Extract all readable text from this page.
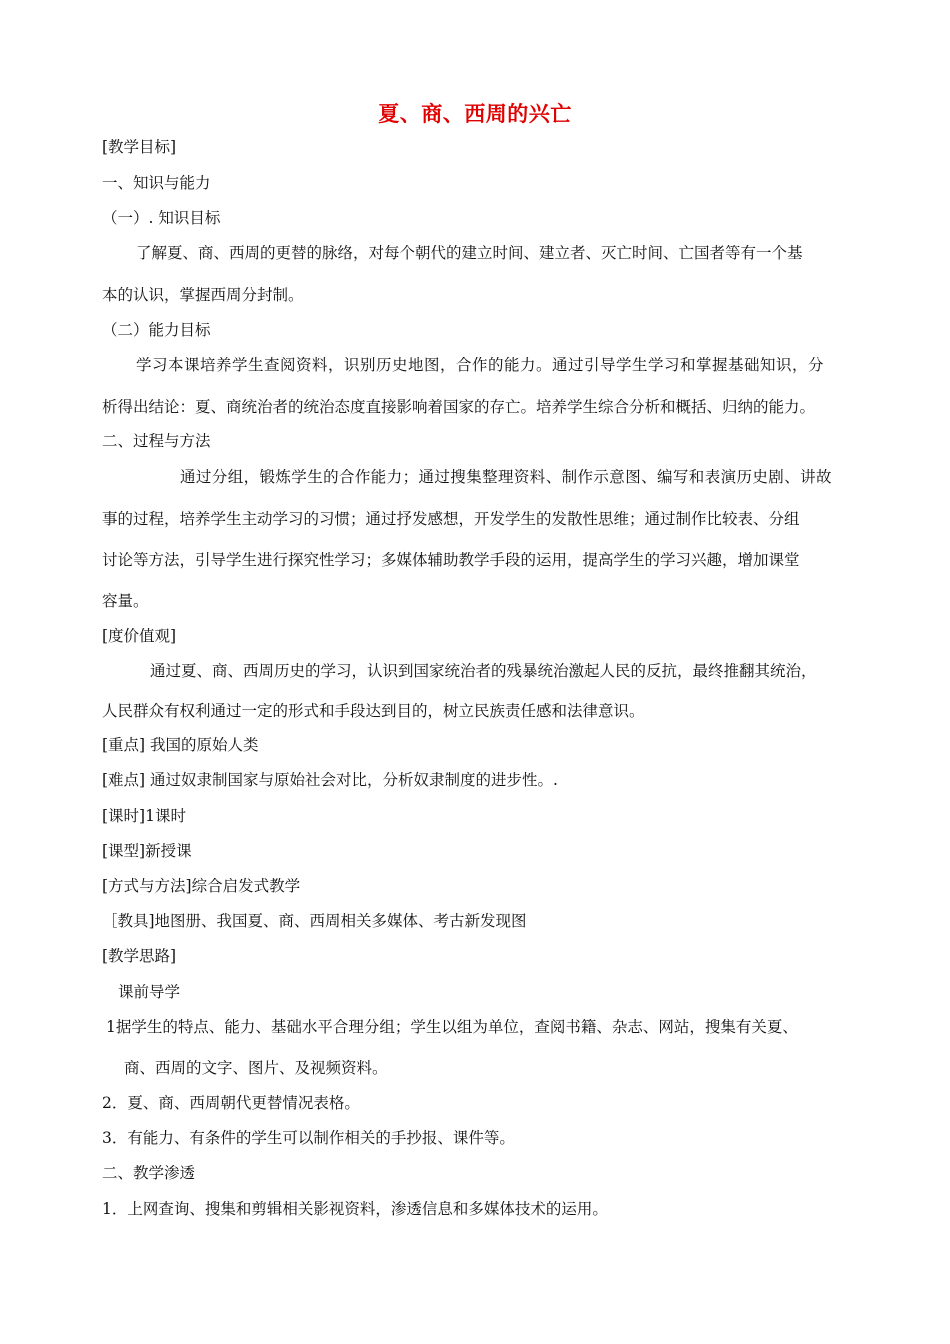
夏、商、西周的兴亡
[教学目标]
一、知识与能力
（一）. 知识目标
了解夏、商、西周的更替的脉络，对每个朝代的建立时间、建立者、灭亡时间、亡国者等有一个基
本的认识，掌握西周分封制。
（二）能力目标
学习本课培养学生查阅资料，识别历史地图，合作的能力。通过引导学生学习和掌握基础知识，分
析得出结论：夏、商统治者的统治态度直接影响着国家的存亡。培养学生综合分析和概括、归纳的能力。
二、过程与方法
通过分组，锻炼学生的合作能力；通过搜集整理资料、制作示意图、编写和表演历史剧、讲故
事的过程，培养学生主动学习的习惯；通过抒发感想，开发学生的发散性思维；通过制作比较表、分组
讨论等方法，引导学生进行探究性学习；多媒体辅助教学手段的运用，提高学生的学习兴趣，增加课堂
容量。
[度价值观]
通过夏、商、西周历史的学习，认识到国家统治者的残暴统治激起人民的反抗，最终推翻其统治，
人民群众有权利通过一定的形式和手段达到目的，树立民族责任感和法律意识。
[重点] 我国的原始人类
[难点] 通过奴隶制国家与原始社会对比，分析奴隶制度的进步性。.
[课时]1课时
[课型]新授课
[方式与方法]综合启发式教学
［教具]地图册、我国夏、商、西周相关多媒体、考古新发现图
[教学思路]
课前导学
1据学生的特点、能力、基础水平合理分组；学生以组为单位，查阅书籍、杂志、网站，搜集有关夏、
商、西周的文字、图片、及视频资料。
2．夏、商、西周朝代更替情况表格。
3．有能力、有条件的学生可以制作相关的手抄报、课件等。
二、教学渗透
1．上网查询、搜集和剪辑相关影视资料，渗透信息和多媒体技术的运用。
